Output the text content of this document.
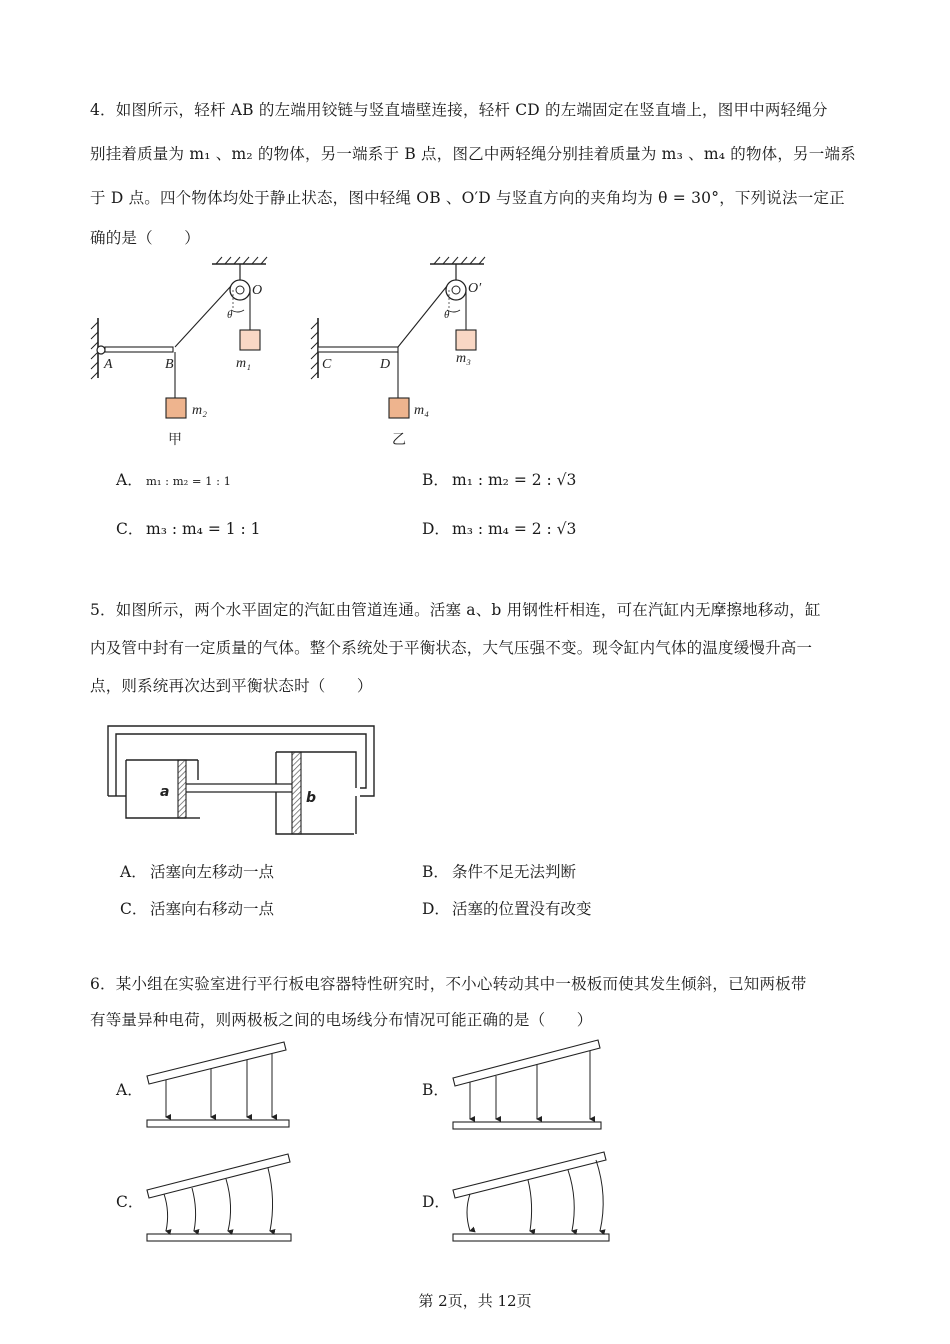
4．如图所示，轻杆 AB 的左端用铰链与竖直墙壁连接，轻杆 CD 的左端固定在竖直墙上，图甲中两轻绳分
别挂着质量为 m₁ 、m₂ 的物体，另一端系于 B 点，图乙中两轻绳分别挂着质量为 m₃ 、m₄ 的物体，另一端系
于 D 点。四个物体均处于静止状态，图中轻绳 OB 、O′D 与竖直方向的夹角均为 θ = 30°，下列说法一定正
确的是（　　）
A	B
O
θ
m₁
m₂
甲
C	D
O′
θ
m₃
m₄
乙
A． m₁ : m₂ = 1 : 1	B． m₁ : m₂ = 2 : √3
C． m₃ : m₄ = 1 : 1	D． m₃ : m₄ = 2 : √3
5．如图所示，两个水平固定的汽缸由管道连通。活塞 a、b 用钢性杆相连，可在汽缸内无摩擦地移动，缸
内及管中封有一定质量的气体。整个系统处于平衡状态，大气压强不变。现令缸内气体的温度缓慢升高一
点，则系统再次达到平衡状态时（　　）
a	b
A． 活塞向左移动一点	B． 条件不足无法判断
C． 活塞向右移动一点	D． 活塞的位置没有改变
6．某小组在实验室进行平行板电容器特性研究时，不小心转动其中一极板而使其发生倾斜，已知两板带
有等量异种电荷，则两极板之间的电场线分布情况可能正确的是（　　）
A．	B．
C．	D．
第 2页，共 12页
